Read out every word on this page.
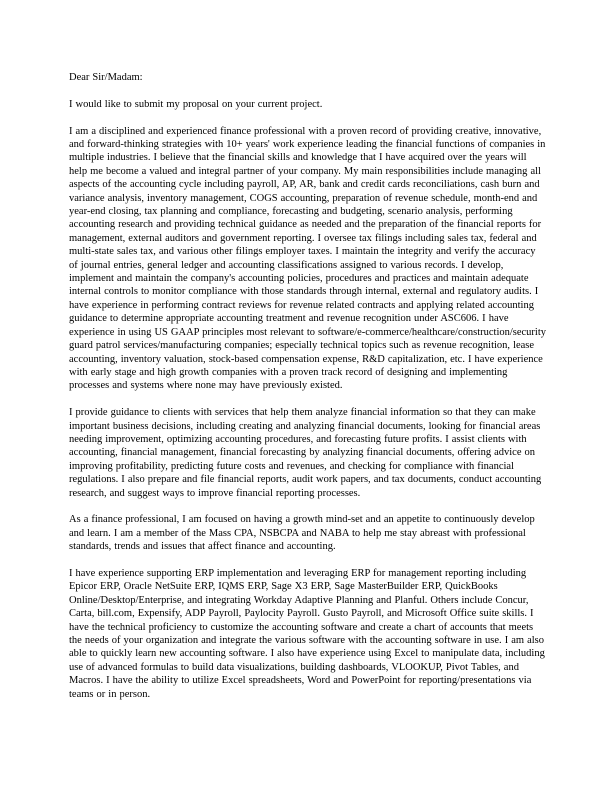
Dear Sir/Madam:

I would like to submit my proposal on your current project.

I am a disciplined and experienced finance professional with a proven record of providing creative, innovative, and forward-thinking strategies with 10+ years' work experience leading the financial functions of companies in multiple industries. I believe that the financial skills and knowledge that I have acquired over the years will help me become a valued and integral partner of your company. My main responsibilities include managing all aspects of the accounting cycle including payroll, AP, AR, bank and credit cards reconciliations, cash burn and variance analysis, inventory management, COGS accounting, preparation of revenue schedule, month-end and year-end closing, tax planning and compliance, forecasting and budgeting, scenario analysis, performing accounting research and providing technical guidance as needed and the preparation of the financial reports for management, external auditors and government reporting. I oversee tax filings including sales tax, federal and multi-state sales tax, and various other filings employer taxes. I maintain the integrity and verify the accuracy of journal entries, general ledger and accounting classifications assigned to various records. I develop, implement and maintain the company's accounting policies, procedures and practices and maintain adequate internal controls to monitor compliance with those standards through internal, external and regulatory audits. I have experience in performing contract reviews for revenue related contracts and applying related accounting guidance to determine appropriate accounting treatment and revenue recognition under ASC606. I have experience in using US GAAP principles most relevant to software/e-commerce/healthcare/construction/security guard patrol services/manufacturing companies; especially technical topics such as revenue recognition, lease accounting, inventory valuation, stock-based compensation expense, R&D capitalization, etc. I have experience with early stage and high growth companies with a proven track record of designing and implementing processes and systems where none may have previously existed.

I provide guidance to clients with services that help them analyze financial information so that they can make important business decisions, including creating and analyzing financial documents, looking for financial areas needing improvement, optimizing accounting procedures, and forecasting future profits. I assist clients with accounting, financial management, financial forecasting by analyzing financial documents, offering advice on improving profitability, predicting future costs and revenues, and checking for compliance with financial regulations. I also prepare and file financial reports, audit work papers, and tax documents, conduct accounting research, and suggest ways to improve financial reporting processes.

As a finance professional, I am focused on having a growth mind-set and an appetite to continuously develop and learn. I am a member of the Mass CPA, NSBCPA and NABA to help me stay abreast with professional standards, trends and issues that affect finance and accounting.

I have experience supporting ERP implementation and leveraging ERP for management reporting including Epicor ERP, Oracle NetSuite ERP, IQMS ERP, Sage X3 ERP, Sage MasterBuilder ERP, QuickBooks Online/Desktop/Enterprise, and integrating Workday Adaptive Planning and Planful. Others include Concur, Carta, bill.com, Expensify, ADP Payroll, Paylocity Payroll. Gusto Payroll, and Microsoft Office suite skills. I have the technical proficiency to customize the accounting software and create a chart of accounts that meets the needs of your organization and integrate the various software with the accounting software in use. I am also able to quickly learn new accounting software. I also have experience using Excel to manipulate data, including use of advanced formulas to build data visualizations, building dashboards, VLOOKUP, Pivot Tables, and Macros. I have the ability to utilize Excel spreadsheets, Word and PowerPoint for reporting/presentations via teams or in person.
